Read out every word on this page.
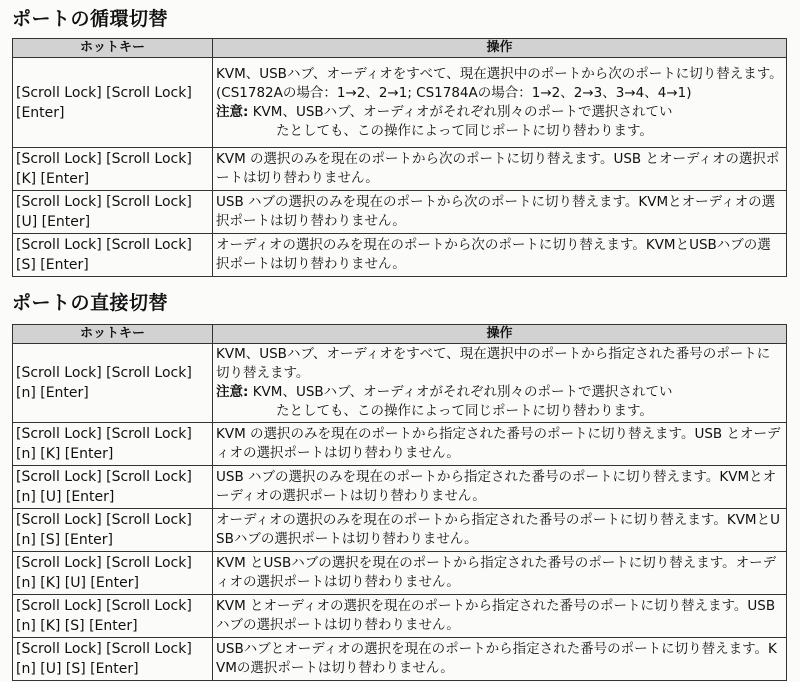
ポートの循環切替
ホットキー	操作
[Scroll Lock] [Scroll Lock] [Enter]	KVM、USBハブ、オーディオをすべて、現在選択中のポートから次のポートに切り替えます。(CS1782Aの場合：1→2、2→1; CS1784Aの場合：1→2、2→3、3→4、4→1)
注意: KVM、USBハブ、オーディオがそれぞれ別々のポートで選択されてい
たとしても、この操作によって同じポートに切り替わります。

[Scroll Lock] [Scroll Lock] [K] [Enter]	KVM の選択のみを現在のポートから次のポートに切り替えます。USB とオーディオの選択ポートは切り替わりません。
[Scroll Lock] [Scroll Lock] [U] [Enter]	USB ハブの選択のみを現在のポートから次のポートに切り替えます。KVMとオーディオの選択ポートは切り替わりません。
[Scroll Lock] [Scroll Lock] [S] [Enter]	オーディオの選択のみを現在のポートから次のポートに切り替えます。KVMとUSBハブの選択ポートは切り替わりません。
ポートの直接切替
ホットキー	操作
[Scroll Lock] [Scroll Lock] [n] [Enter]	KVM、USBハブ、オーディオをすべて、現在選択中のポートから指定された番号のポートに切り替えます。
注意: KVM、USBハブ、オーディオがそれぞれ別々のポートで選択されてい
たとしても、この操作によって同じポートに切り替わります。

[Scroll Lock] [Scroll Lock] [n] [K] [Enter]	KVM の選択のみを現在のポートから指定された番号のポートに切り替えます。USB とオーディオの選択ポートは切り替わりません。
[Scroll Lock] [Scroll Lock] [n] [U] [Enter]	USB ハブの選択のみを現在のポートから指定された番号のポートに切り替えます。KVMとオーディオの選択ポートは切り替わりません。
[Scroll Lock] [Scroll Lock] [n] [S] [Enter]	オーディオの選択のみを現在のポートから指定された番号のポートに切り替えます。KVMとUSBハブの選択ポートは切り替わりません。
[Scroll Lock] [Scroll Lock] [n] [K] [U] [Enter]	KVM とUSBハブの選択を現在のポートから指定された番号のポートに切り替えます。オーディオの選択ポートは切り替わりません。
[Scroll Lock] [Scroll Lock] [n] [K] [S] [Enter]	KVM とオーディオの選択を現在のポートから指定された番号のポートに切り替えます。USBハブの選択ポートは切り替わりません。
[Scroll Lock] [Scroll Lock] [n] [U] [S] [Enter]	USBハブとオーディオの選択を現在のポートから指定された番号のポートに切り替えます。KVMの選択ポートは切り替わりません。
